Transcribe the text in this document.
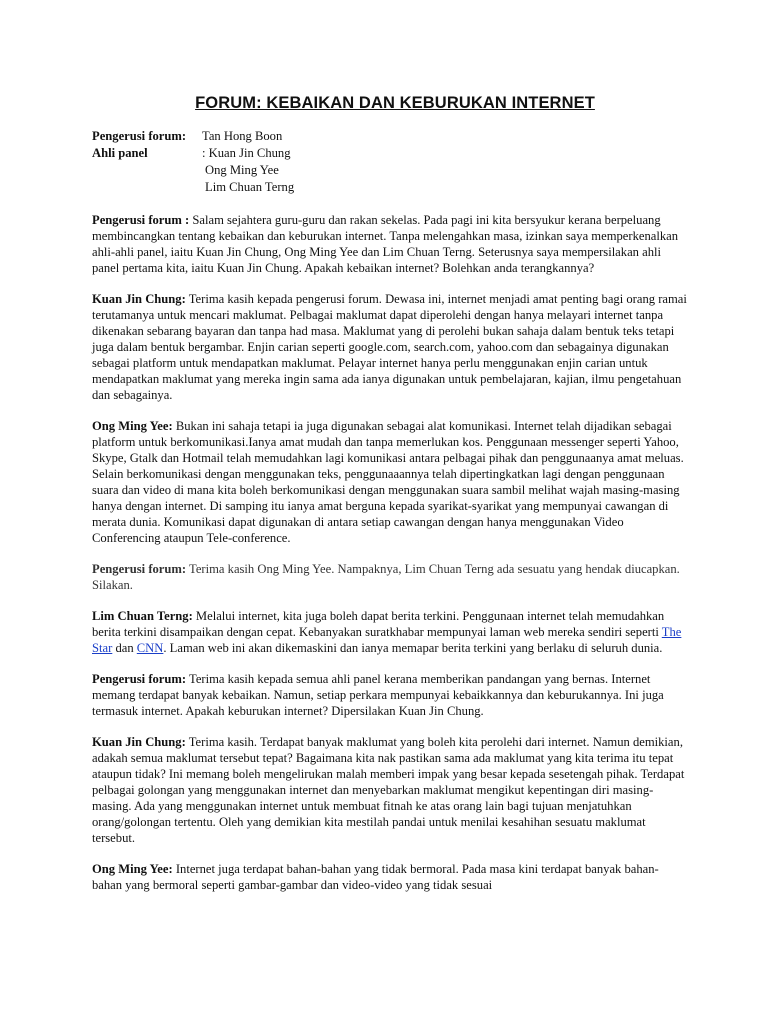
FORUM: KEBAIKAN DAN KEBURUKAN INTERNET
Pengerusi forum:	Tan Hong Boon
Ahli panel	: Kuan Jin Chung
Ong Ming Yee
Lim Chuan Terng

Pengerusi forum : Salam sejahtera guru-guru dan rakan sekelas. Pada pagi ini kita bersyukur kerana berpeluang membincangkan tentang kebaikan dan keburukan internet. Tanpa melengahkan masa, izinkan saya memperkenalkan ahli-ahli panel, iaitu Kuan Jin Chung, Ong Ming Yee dan Lim Chuan Terng. Seterusnya saya mempersilakan ahli panel pertama kita, iaitu Kuan Jin Chung. Apakah kebaikan internet? Bolehkan anda terangkannya?

Kuan Jin Chung: Terima kasih kepada pengerusi forum. Dewasa ini, internet menjadi amat penting bagi orang ramai terutamanya untuk mencari maklumat. Pelbagai maklumat dapat diperolehi dengan hanya melayari internet tanpa dikenakan sebarang bayaran dan tanpa had masa. Maklumat yang di perolehi bukan sahaja dalam bentuk teks tetapi juga dalam bentuk bergambar. Enjin carian seperti google.com, search.com, yahoo.com dan sebagainya digunakan sebagai platform untuk mendapatkan maklumat. Pelayar internet hanya perlu menggunakan enjin carian untuk mendapatkan maklumat yang mereka ingin sama ada ianya digunakan untuk pembelajaran, kajian, ilmu pengetahuan dan sebagainya.

Ong Ming Yee: Bukan ini sahaja tetapi ia juga digunakan sebagai alat komunikasi. Internet telah dijadikan sebagai platform untuk berkomunikasi.Ianya amat mudah dan tanpa memerlukan kos. Penggunaan messenger seperti Yahoo, Skype, Gtalk dan Hotmail telah memudahkan lagi komunikasi antara pelbagai pihak dan penggunaanya amat meluas. Selain berkomunikasi dengan menggunakan teks, penggunaaannya telah dipertingkatkan lagi dengan penggunaan suara dan video di mana kita boleh berkomunikasi dengan menggunakan suara sambil melihat wajah masing-masing hanya dengan internet. Di samping itu ianya amat berguna kepada syarikat-syarikat yang mempunyai cawangan di merata dunia. Komunikasi dapat digunakan di antara setiap cawangan dengan hanya menggunakan Video Conferencing ataupun Tele-conference.

Pengerusi forum: Terima kasih Ong Ming Yee. Nampaknya, Lim Chuan Terng ada sesuatu yang hendak diucapkan. Silakan.

Lim Chuan Terng: Melalui internet, kita juga boleh dapat berita terkini. Penggunaan internet telah memudahkan berita terkini disampaikan dengan cepat. Kebanyakan suratkhabar mempunyai laman web mereka sendiri seperti The Star dan CNN. Laman web ini akan dikemaskini dan ianya memapar berita terkini yang berlaku di seluruh dunia.

Pengerusi forum: Terima kasih kepada semua ahli panel kerana memberikan pandangan yang bernas. Internet memang terdapat banyak kebaikan. Namun, setiap perkara mempunyai kebaikkannya dan keburukannya. Ini juga termasuk internet. Apakah keburukan internet? Dipersilakan Kuan Jin Chung.

Kuan Jin Chung: Terima kasih. Terdapat banyak maklumat yang boleh kita perolehi dari internet. Namun demikian, adakah semua maklumat tersebut tepat? Bagaimana kita nak pastikan sama ada maklumat yang kita terima itu tepat ataupun tidak? Ini memang boleh mengelirukan malah memberi impak yang besar kepada sesetengah pihak. Terdapat pelbagai golongan yang menggunakan internet dan menyebarkan maklumat mengikut kepentingan diri masing-masing. Ada yang menggunakan internet untuk membuat fitnah ke atas orang lain bagi tujuan menjatuhkan orang/golongan tertentu. Oleh yang demikian kita mestilah pandai untuk menilai kesahihan sesuatu maklumat tersebut.

Ong Ming Yee: Internet juga terdapat bahan-bahan yang tidak bermoral. Pada masa kini terdapat banyak bahan-bahan yang bermoral seperti gambar-gambar dan video-video yang tidak sesuai
